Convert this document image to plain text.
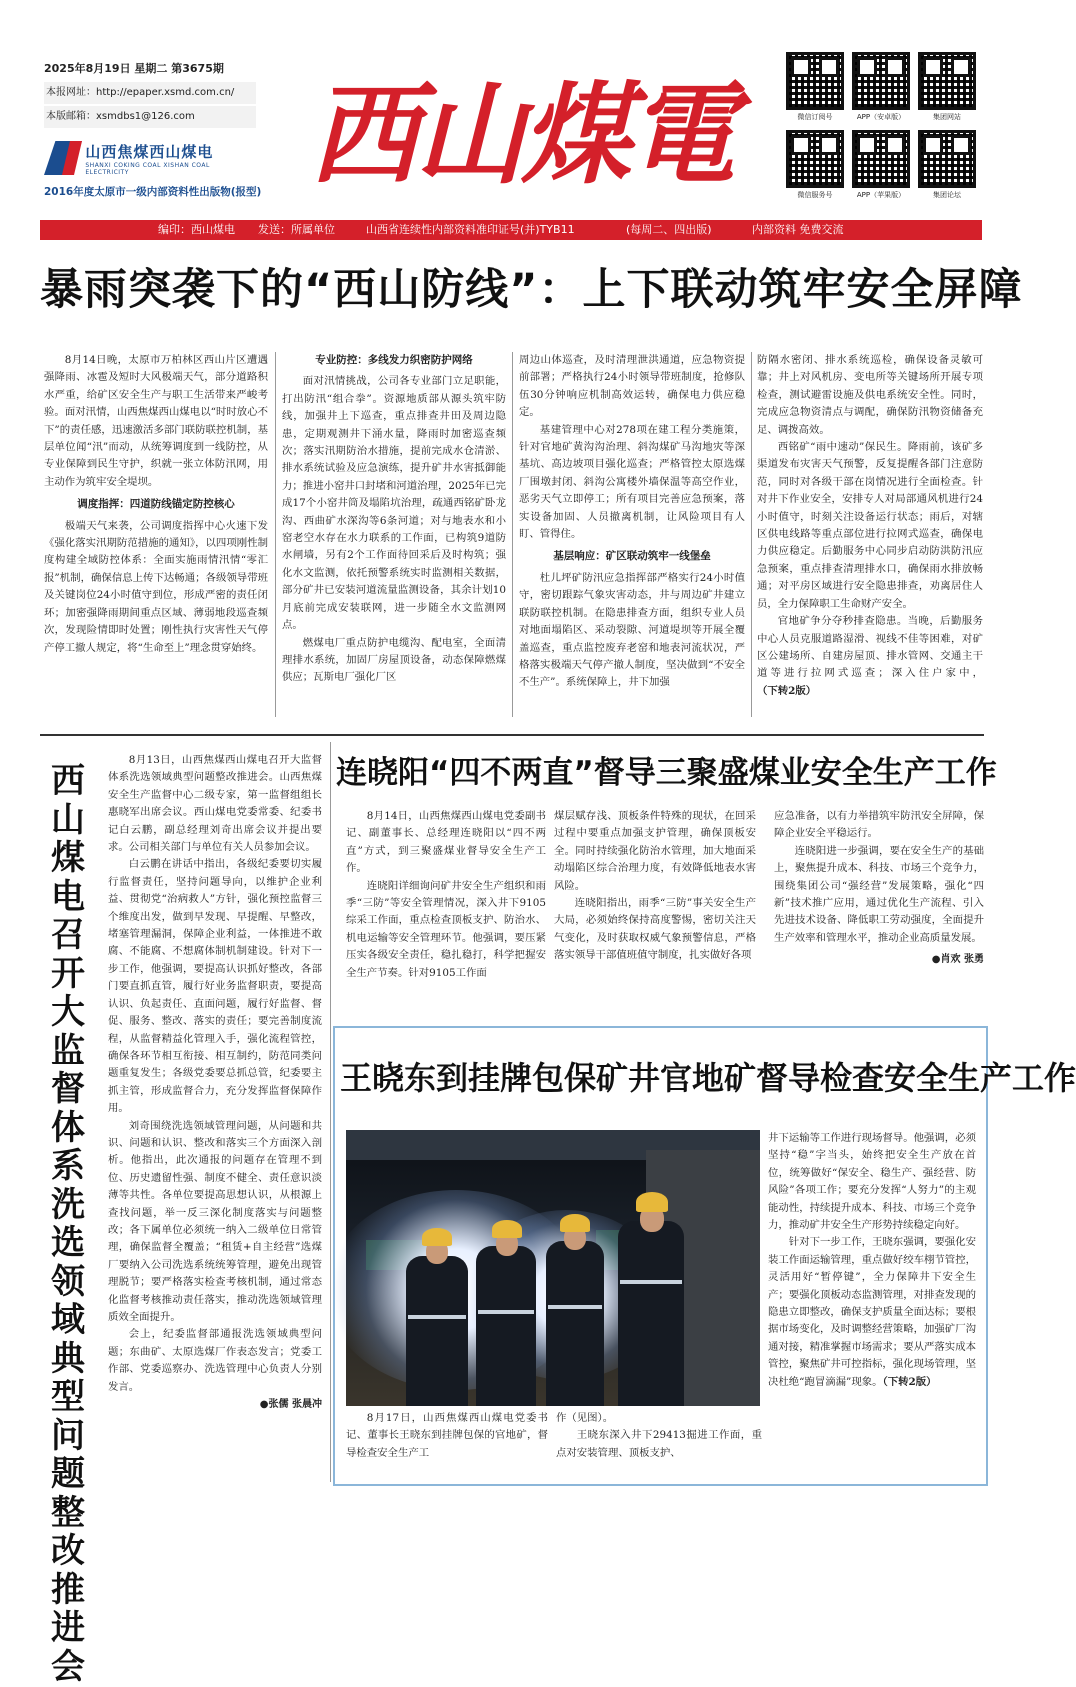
2025年8月19日 星期二 第3675期
本报网址：http://epaper.xsmd.com.cn/
本版邮箱：xsmdbs1@126.com
山西焦煤西山煤电
SHANXI COKING COAL XISHAN COAL ELECTRICITY
2016年度太原市一级内部资料性出版物(报型) 西山煤電	微信订阅号	APP（安卓版）	集团网站
微信服务号	APP（苹果版）	集团论坛
编印：西山煤电 发送：所属单位	山西省连续性内部资料准印证号(并)TYB11	(每周二、四出版)	内部资料 免费交流
暴雨突袭下的“西山防线”：上下联动筑牢安全屏障

8月14日晚，太原市万柏林区西山片区遭遇强降雨、冰雹及短时大风极端天气，部分道路积水严重，给矿区安全生产与职工生活带来严峻考验。面对汛情，山西焦煤西山煤电以“时时放心不下”的责任感，迅速激活多部门联防联控机制，基层单位闻“汛”而动，从统筹调度到一线防控，从专业保障到民生守护，织就一张立体防汛网，用主动作为筑牢安全堤坝。

调度指挥：四道防线锚定防控核心

极端天气来袭，公司调度指挥中心火速下发《强化落实汛期防范措施的通知》，以四项刚性制度构建全域防控体系：全面实施雨情汛情“零汇报”机制，确保信息上传下达畅通；各级领导带班及关键岗位24小时值守到位，形成严密的责任闭环；加密强降雨期间重点区域、薄弱地段巡查频次，发现险情即时处置；刚性执行灾害性天气停产停工撤人规定，将“生命至上”理念贯穿始终。

专业防控：多线发力织密防护网络

面对汛情挑战，公司各专业部门立足职能，打出防汛“组合拳”。资源地质部从源头筑牢防线，加强井上下巡查，重点排查井田及周边隐患，定期观测井下涌水量，降雨时加密巡查频次；落实汛期防治水措施，提前完成水仓清淤、排水系统试验及应急演练，提升矿井水害抵御能力；推进小窑井口封堵和河道治理，2025年已完成17个小窑井筒及塌陷坑治理，疏通西铭矿卧龙沟、西曲矿水深沟等6条河道；对与地表水和小窑老空水存在水力联系的工作面，已构筑9道防水闸墙，另有2个工作面待回采后及时构筑；强化水文监测，依托预警系统实时监测相关数据，部分矿井已安装河道流量监测设备，其余计划10月底前完成安装联网，进一步随全水文监测网点。

燃煤电厂重点防护电缆沟、配电室，全面清理排水系统，加固厂房屋顶设备，动态保障燃煤供应；瓦斯电厂强化厂区

周边山体巡查，及时清理泄洪通道，应急物资提前部署；严格执行24小时领导带班制度，抢修队伍30分钟响应机制高效运转，确保电力供应稳定。

基建管理中心对278项在建工程分类施策，针对官地矿黄沟沟治理、斜沟煤矿马沟地灾等深基坑、高边坡项目强化巡查；严格管控太原选煤厂围墩封闭、斜沟公寓楼外墙保温等高空作业，恶劣天气立即停工；所有项目完善应急预案，落实设备加固、人员撤离机制，让风险项目有人盯、管得住。

基层响应：矿区联动筑牢一线堡垒

杜儿坪矿防汛应急指挥部严格实行24小时值守，密切跟踪气象灾害动态，井与周边矿井建立联防联控机制。在隐患排查方面，组织专业人员对地面塌陷区、采动裂隙、河道堤坝等开展全覆盖巡查，重点监控废弃老窑和地表河流状况，严格落实极端天气停产撤人制度，坚决做到“不安全不生产”。系统保障上，井下加强

防隔水密闭、排水系统巡检，确保设备灵敏可靠；井上对风机房、变电所等关键场所开展专项检查，测试避雷设施及供电系统安全性。同时，完成应急物资清点与调配，确保防汛物资储备充足、调拨高效。

西铭矿“雨中速动”保民生。降雨前，该矿多渠道发布灾害天气预警，反复提醒各部门注意防范，同时对各级干部在岗情况进行全面检查。针对井下作业安全，安排专人对局部通风机进行24小时值守，时刻关注设备运行状态；雨后，对辖区供电线路等重点部位进行拉网式巡查，确保电力供应稳定。后勤服务中心同步启动防洪防汛应急预案，重点排查清理排水口，确保雨水排放畅通；对平房区域进行安全隐患排查，劝离居住人员，全力保障职工生命财产安全。

官地矿争分夺秒排查隐患。当晚，后勤服务中心人员克服道路湿滑、视线不佳等困难，对矿区公建场所、自建房屋顶、排水管网、交通主干道等进行拉网式巡查；深入住户家中，（下转2版）

西山煤电召开大监督体系洗选领域典型问题整改推进会

8月13日，山西焦煤西山煤电召开大监督体系洗选领域典型问题整改推进会。山西焦煤安全生产监督中心二级专家，第一监督组组长惠晓军出席会议。西山煤电党委常委、纪委书记白云鹏，副总经理刘奇出席会议并提出要求。公司相关部门与单位有关人员参加会议。

白云鹏在讲话中指出，各级纪委要切实履行监督责任，坚持问题导向，以维护企业利益、贯彻党“治病救人”方针，强化预控监督三个维度出发，做到早发现、早提醒、早整改，堵塞管理漏洞，保障企业利益，一体推进不敢腐、不能腐、不想腐体制机制建设。针对下一步工作，他强调，要提高认识抓好整改，各部门要直抓直管，履行好业务监督职责，要提高认识、负起责任、直面问题，履行好监督、督促、服务、整改、落实的责任；要完善制度流程，从监督精益化管理入手，强化流程管控，确保各环节相互衔接、相互制约，防范同类问题重复发生；各级党委要总抓总管，纪委要主抓主管，形成监督合力，充分发挥监督保障作用。

刘奇围绕洗选领域管理问题，从问题和共识、问题和认识、整改和落实三个方面深入剖析。他指出，此次通报的问题存在管理不到位、历史遗留性强、制度不健全、责任意识淡薄等共性。各单位要提高思想认识，从根源上查找问题，举一反三深化制度落实与问题整改；各下属单位必须统一纳入二级单位日常管理，确保监督全覆盖；“租赁+自主经营”选煤厂要纳入公司洗选系统统筹管理，避免出现管理脱节；要严格落实检查考核机制，通过常态化监督考核推动责任落实，推动洗选领域管理质效全面提升。

会上，纪委监督部通报洗选领域典型问题；东曲矿、太原选煤厂作表态发言；党委工作部、党委巡察办、洗选管理中心负责人分别发言。

●张儒 张晨冲
连晓阳“四不两直”督导三聚盛煤业安全生产工作

8月14日，山西焦煤西山煤电党委副书记、副董事长、总经理连晓阳以“四不两直”方式，到三聚盛煤业督导安全生产工作。

连晓阳详细询问矿井安全生产组织和雨季“三防”等安全管理情况，深入井下9105综采工作面，重点检查顶板支护、防治水、机电运输等安全管理环节。他强调，要压紧压实各级安全责任，稳扎稳打，科学把握安全生产节奏。针对9105工作面

煤层赋存浅、顶板条件特殊的现状，在回采过程中要重点加强支护管理，确保顶板安全。同时持续强化防治水管理，加大地面采动塌陷区综合治理力度，有效降低地表水害风险。

连晓阳指出，雨季“三防”事关安全生产大局，必须始终保持高度警惕，密切关注天气变化，及时获取权威气象预警信息，严格落实领导干部值班值守制度，扎实做好各项

应急准备，以有力举措筑牢防汛安全屏障，保障企业安全平稳运行。

连晓阳进一步强调，要在安全生产的基础上，聚焦提升成本、科技、市场三个竞争力，围绕集团公司“强经营”发展策略，强化“四新”技术推广应用，通过优化生产流程、引入先进技术设备、降低职工劳动强度，全面提升生产效率和管理水平，推动企业高质量发展。

●肖欢 张勇
王晓东到挂牌包保矿井官地矿督导检查安全生产工作

8月17日，山西焦煤西山煤电党委书记、董事长王晓东到挂牌包保的官地矿，督导检查安全生产工

作（见图）。

王晓东深入井下29413掘进工作面，重点对安装管理、顶板支护、

井下运输等工作进行现场督导。他强调，必须坚持“稳”字当头，始终把安全生产放在首位，统筹做好“保安全、稳生产、强经营、防风险”各项工作；要充分发挥“人努力”的主观能动性，持续提升成本、科技、市场三个竞争力，推动矿井安全生产形势持续稳定向好。

针对下一步工作，王晓东强调，要强化安装工作面运输管理，重点做好绞车栩节管控，灵活用好“暂停键”，全力保障井下安全生产；要强化顶板动态监测管理，对排查发现的隐患立即整改，确保支护质量全面达标；要根据市场变化，及时调整经营策略，加强矿厂沟通对接，精准掌握市场需求；要从严落实成本管控，聚焦矿井可控指标，强化现场管理，坚决杜绝“跑冒滴漏”现象。（下转2版）
